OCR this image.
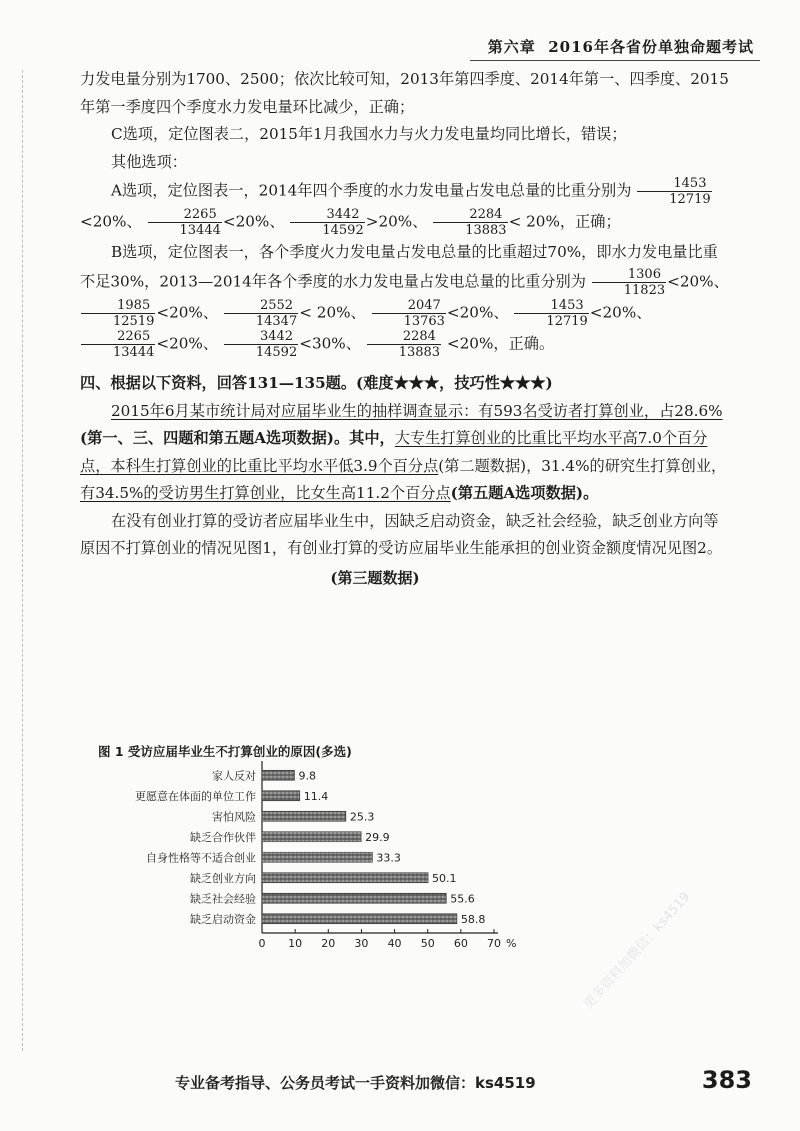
第六章 2016年各省份单独命题考试

力发电量分别为1700、2500；依次比较可知，2013年第四季度、2014年第一、四季度、2015年第一季度四个季度水力发电量环比减少，正确；

C选项，定位图表二，2015年1月我国水力与火力发电量均同比增长，错误；

其他选项：

A选项，定位图表一，2014年四个季度的水力发电量占发电总量的比重分别为 $\frac{1453}{12719}$
<20%、 $\frac{2265}{13444} <20\%$、 $\frac{3442}{14592} >20\%$、 $\frac{2284}{13883} < 20\%$，正确；

B选项，定位图表一，各个季度火力发电量占发电总量的比重超过70%，即水力发电量比重不足30%，2013—2014年各个季度的水力发电量占发电总量的比重分别为 $\frac{1306}{11823} <20\%$、
$\frac{1985}{12519} <20\%$、 $\frac{2552}{14347} < 20\%$、 $\frac{2047}{13763} <20\%$、 $\frac{1453}{12719} <20\%$、
$\frac{2265}{13444} <20\%$、 $\frac{3442}{14592} <30\%$、 $\frac{2284}{13883} <20\%$，正确。

四、根据以下资料，回答131—135题。(难度★★★，技巧性★★★)

2015年6月某市统计局对应届毕业生的抽样调查显示：有593名受访者打算创业，占28.6%(第一、三、四题和第五题A选项数据)。其中，大专生打算创业的比重比平均水平高7.0个百分点，本科生打算创业的比重比平均水平低3.9个百分点(第二题数据)，31.4%的研究生打算创业，有34.5%的受访男生打算创业，比女生高11.2个百分点(第五题A选项数据)。

在没有创业打算的受访者应届毕业生中，因缺乏启动资金，缺乏社会经验，缺乏创业方向等原因不打算创业的情况见图1，有创业打算的受访应届毕业生能承担的创业资金额度情况见图2。

(第三题数据)
图 1 受访应届毕业生不打算创业的原因(多选)
家人反对	9.8
更愿意在体面的单位工作	11.4
害怕风险	25.3
缺乏合作伙伴	29.9
自身性格等不适合创业	33.3
缺乏创业方向	50.1
缺乏社会经验	55.6
缺乏启动资金	58.8
0 10 20 30 40 50 60 70 %
专业备考指导、公务员考试一手资料加微信：ks4519	383
更多资料加微信：ks4519
